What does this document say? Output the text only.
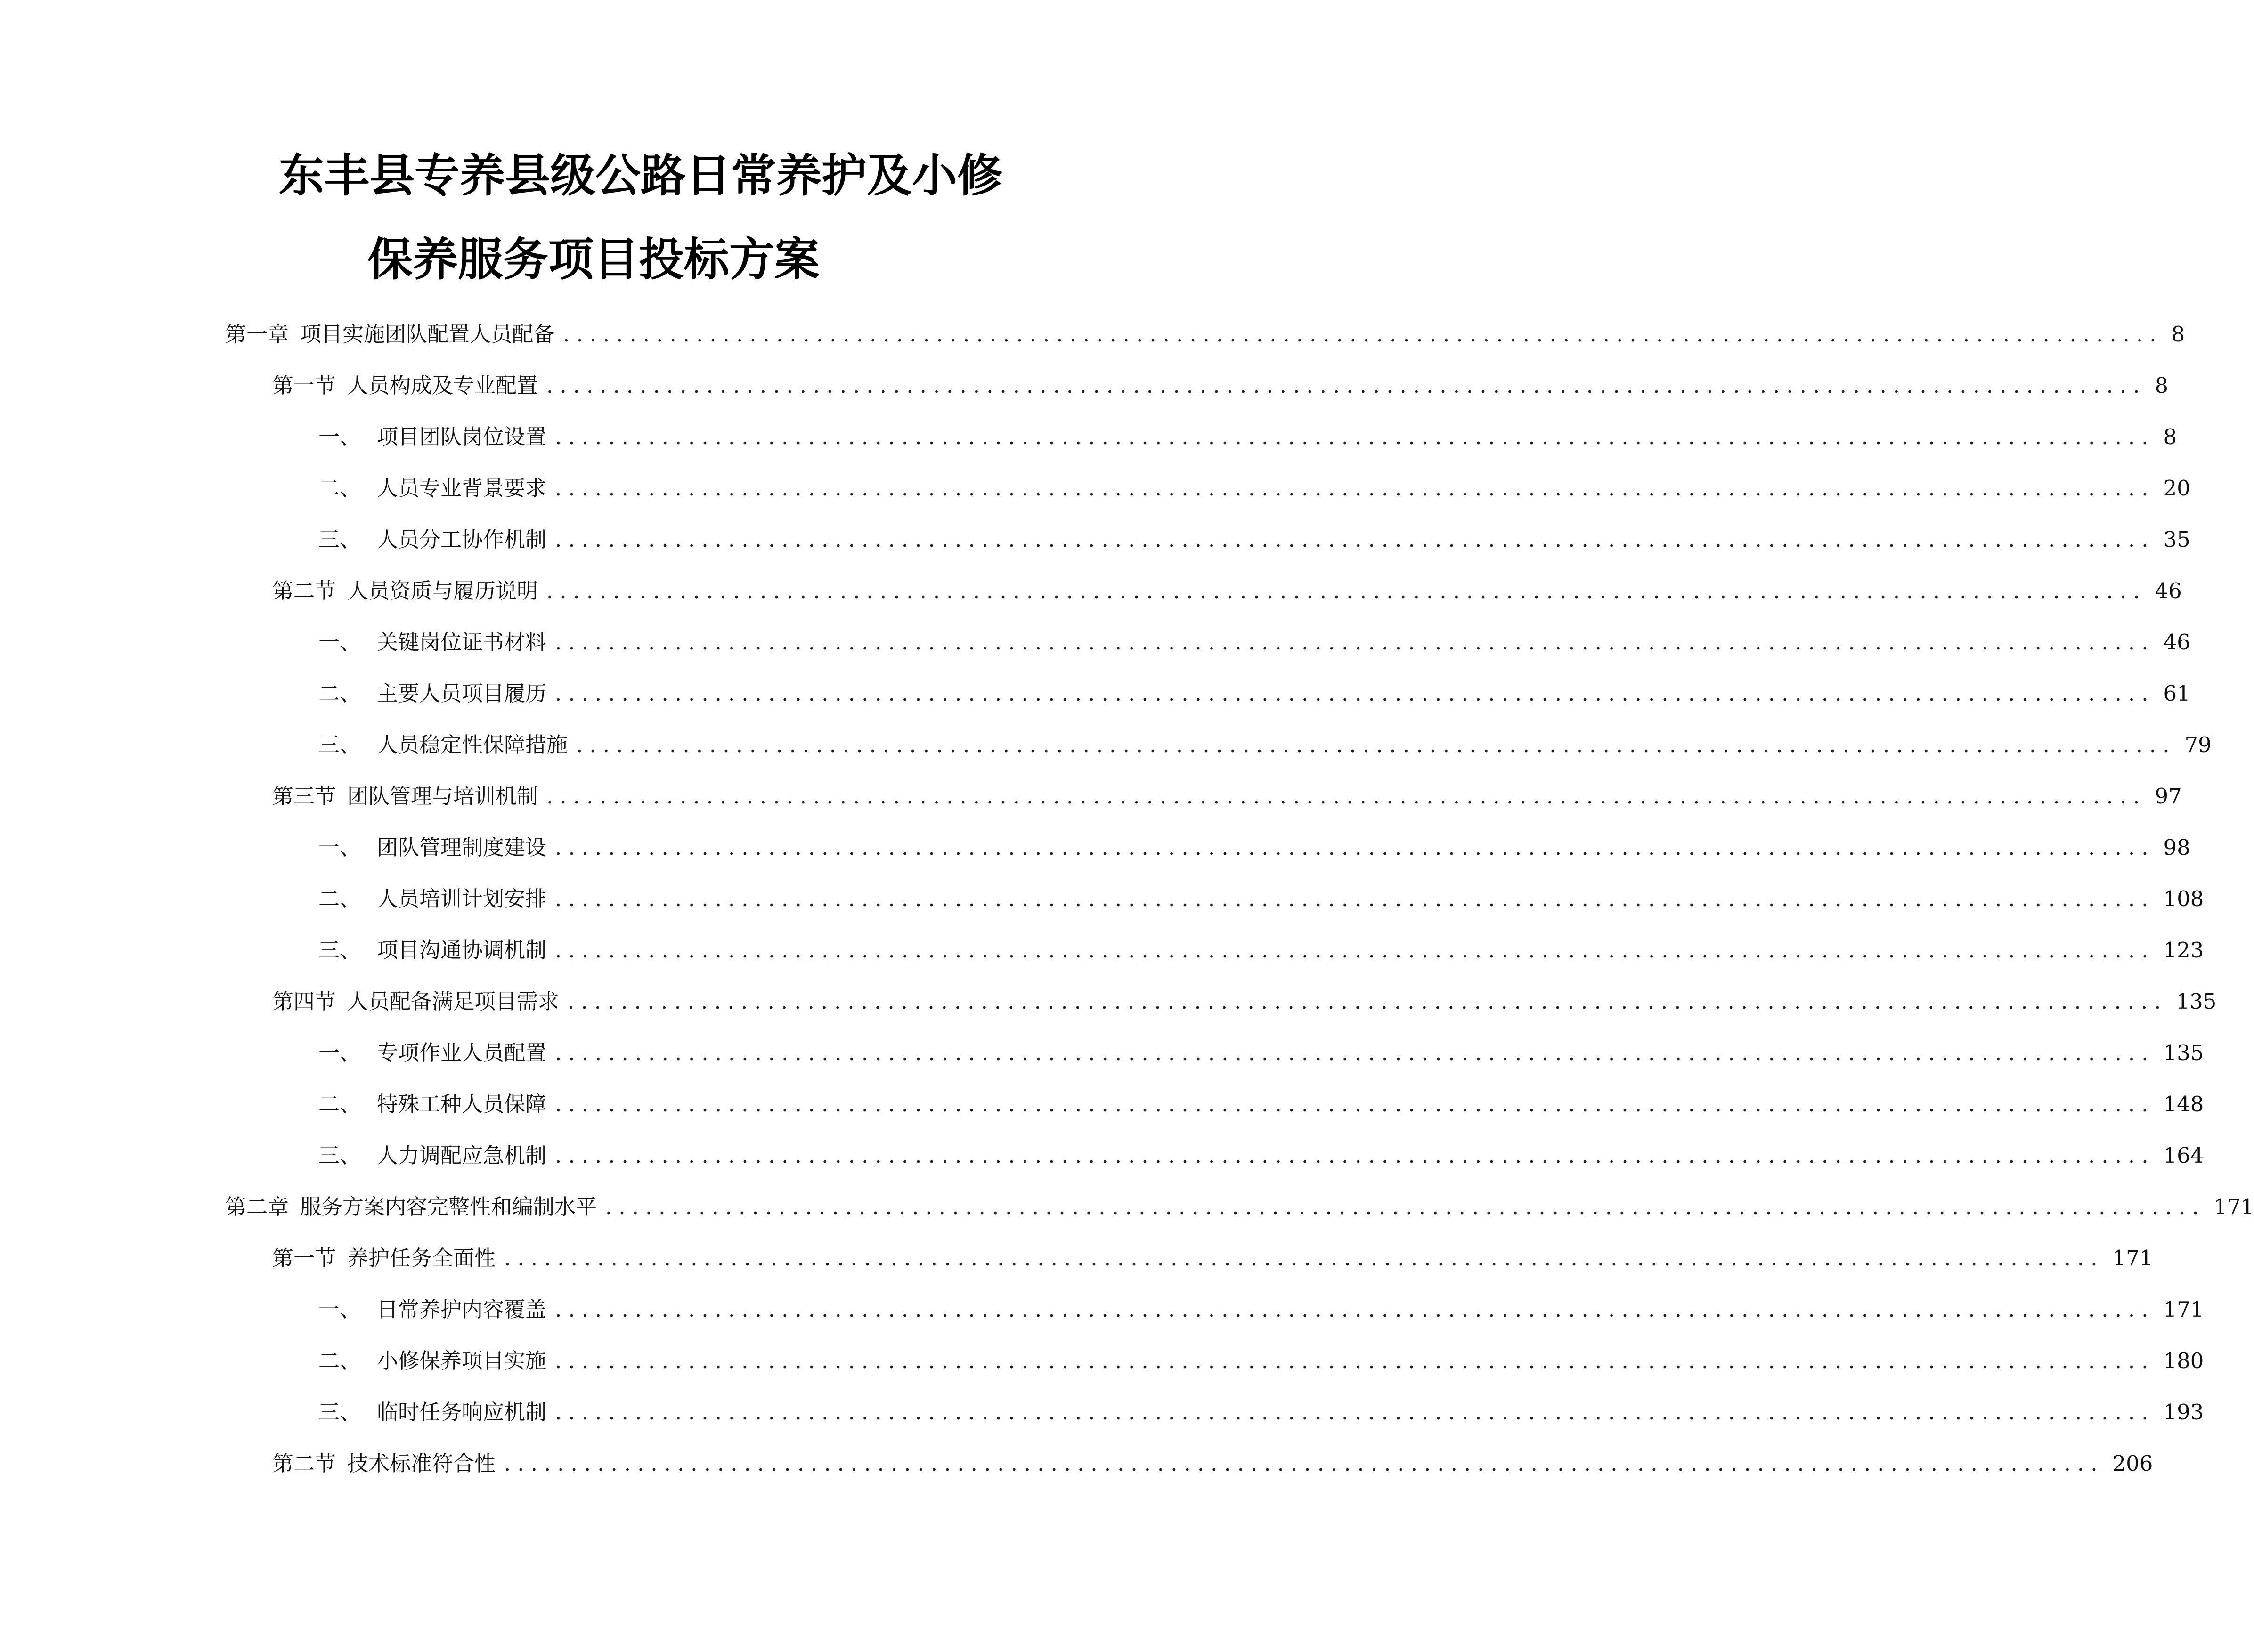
东丰县专养县级公路日常养护及小修
保养服务项目投标方案
第一章 项目实施团队配置人员配备 ........................................................................................................................ 8
第一节 人员构成及专业配置 ........................................................................................................................ 8
一、 项目团队岗位设置 ........................................................................................................................ 8
二、 人员专业背景要求 ........................................................................................................................ 20
三、 人员分工协作机制 ........................................................................................................................ 35
第二节 人员资质与履历说明 ........................................................................................................................ 46
一、 关键岗位证书材料 ........................................................................................................................ 46
二、 主要人员项目履历 ........................................................................................................................ 61
三、 人员稳定性保障措施 ........................................................................................................................ 79
第三节 团队管理与培训机制 ........................................................................................................................ 97
一、 团队管理制度建设 ........................................................................................................................ 98
二、 人员培训计划安排 ........................................................................................................................ 108
三、 项目沟通协调机制 ........................................................................................................................ 123
第四节 人员配备满足项目需求 ........................................................................................................................ 135
一、 专项作业人员配置 ........................................................................................................................ 135
二、 特殊工种人员保障 ........................................................................................................................ 148
三、 人力调配应急机制 ........................................................................................................................ 164
第二章 服务方案内容完整性和编制水平 ........................................................................................................................ 171
第一节 养护任务全面性 ........................................................................................................................ 171
一、 日常养护内容覆盖 ........................................................................................................................ 171
二、 小修保养项目实施 ........................................................................................................................ 180
三、 临时任务响应机制 ........................................................................................................................ 193
第二节 技术标准符合性 ........................................................................................................................ 206
